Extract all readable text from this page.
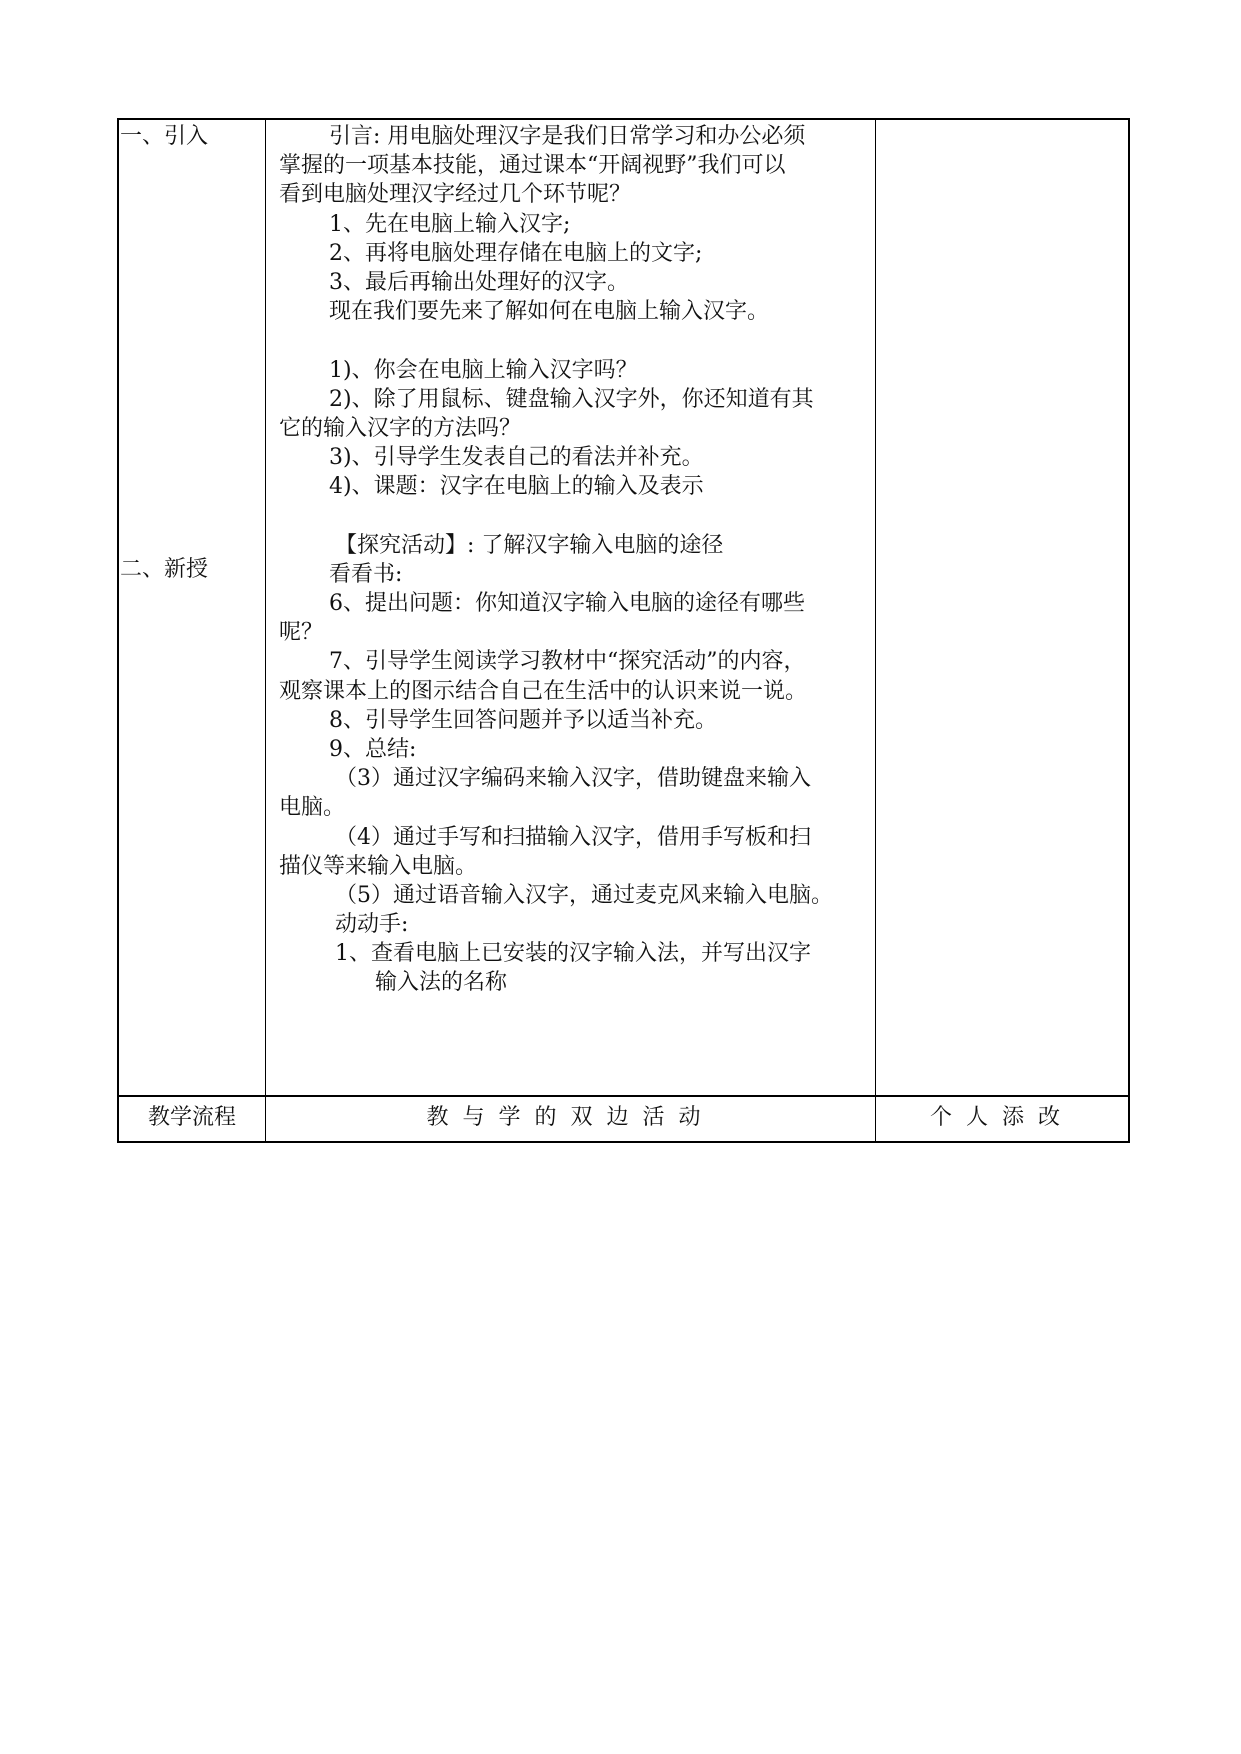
一、引入
二、新授
引言: 用电脑处理汉字是我们日常学习和办公必须
掌握的一项基本技能，通过课本“开阔视野”我们可以
看到电脑处理汉字经过几个环节呢？
1、先在电脑上输入汉字;
2、再将电脑处理存储在电脑上的文字;
3、最后再输出处理好的汉字。
现在我们要先来了解如何在电脑上输入汉字。
1)、你会在电脑上输入汉字吗？
2)、除了用鼠标、键盘输入汉字外，你还知道有其
它的输入汉字的方法吗？
3)、引导学生发表自己的看法并补充。
4)、课题：汉字在电脑上的输入及表示
【探究活动】: 了解汉字输入电脑的途径
看看书:
6、提出问题：你知道汉字输入电脑的途径有哪些
呢？
7、引导学生阅读学习教材中“探究活动”的内容，
观察课本上的图示结合自己在生活中的认识来说一说。
8、引导学生回答问题并予以适当补充。
9、总结:
（3）通过汉字编码来输入汉字，借助键盘来输入
电脑。
（4）通过手写和扫描输入汉字，借用手写板和扫
描仪等来输入电脑。
（5）通过语音输入汉字，通过麦克风来输入电脑。
动动手:
1、查看电脑上已安装的汉字输入法，并写出汉字
输入法的名称
教学流程	教与学的双边活动	个人添改
